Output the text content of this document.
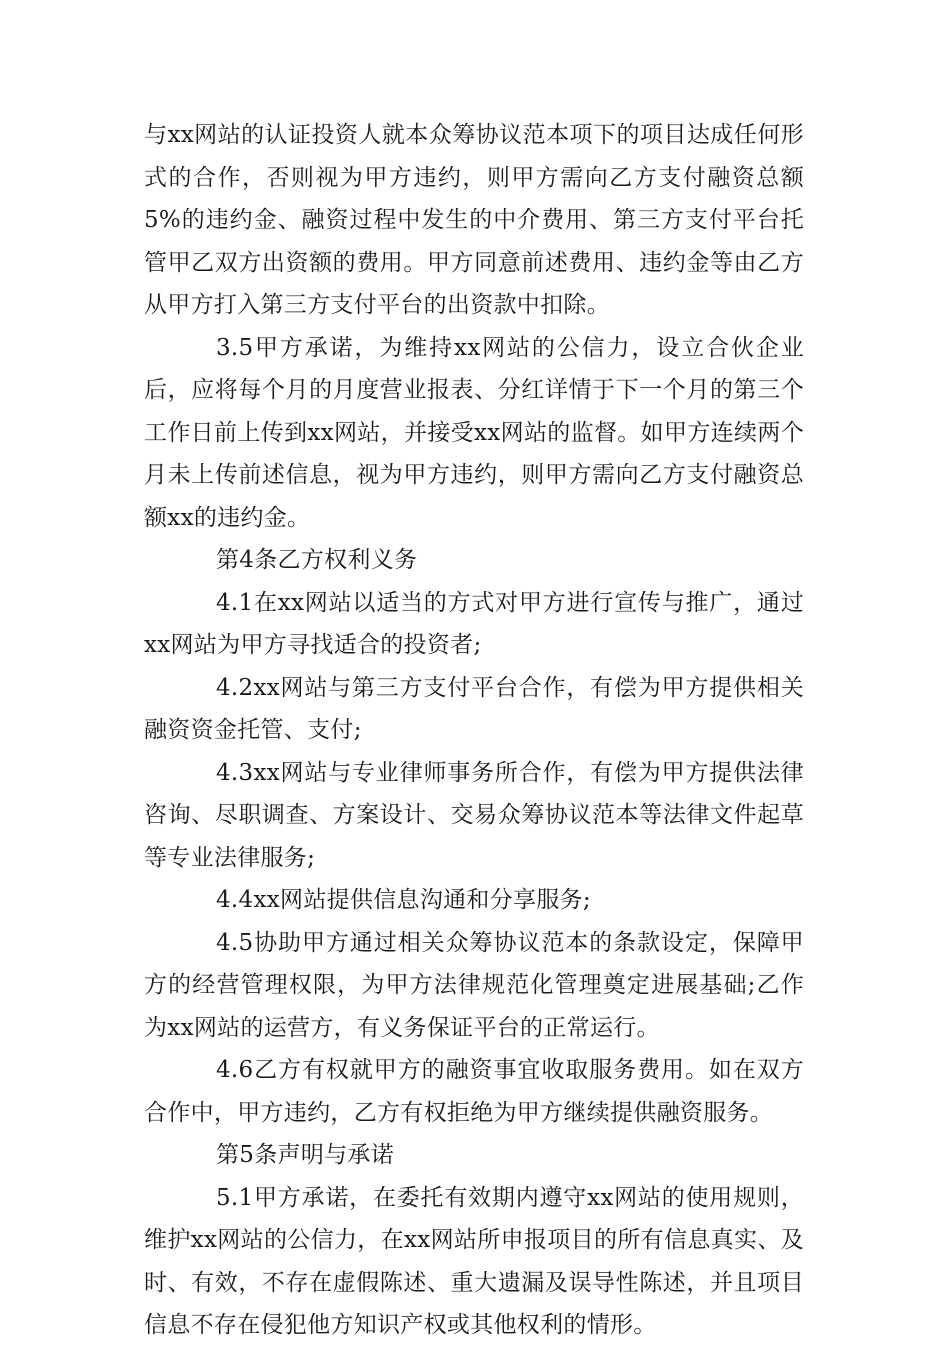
与xx网站的认证投资人就本众筹协议范本项下的项目达成任何形式的合作，否则视为甲方违约，则甲方需向乙方支付融资总额5%的违约金、融资过程中发生的中介费用、第三方支付平台托管甲乙双方出资额的费用。甲方同意前述费用、违约金等由乙方从甲方打入第三方支付平台的出资款中扣除。

3.5甲方承诺，为维持xx网站的公信力，设立合伙企业后，应将每个月的月度营业报表、分红详情于下一个月的第三个工作日前上传到xx网站，并接受xx网站的监督。如甲方连续两个月未上传前述信息，视为甲方违约，则甲方需向乙方支付融资总额xx的违约金。

第4条乙方权利义务

4.1在xx网站以适当的方式对甲方进行宣传与推广，通过xx网站为甲方寻找适合的投资者;

4.2xx网站与第三方支付平台合作，有偿为甲方提供相关融资资金托管、支付;

4.3xx网站与专业律师事务所合作，有偿为甲方提供法律咨询、尽职调查、方案设计、交易众筹协议范本等法律文件起草等专业法律服务;

4.4xx网站提供信息沟通和分享服务;

4.5协助甲方通过相关众筹协议范本的条款设定，保障甲方的经营管理权限，为甲方法律规范化管理奠定进展基础;乙作为xx网站的运营方，有义务保证平台的正常运行。

4.6乙方有权就甲方的融资事宜收取服务费用。如在双方合作中，甲方违约，乙方有权拒绝为甲方继续提供融资服务。

第5条声明与承诺

5.1甲方承诺，在委托有效期内遵守xx网站的使用规则，维护xx网站的公信力，在xx网站所申报项目的所有信息真实、及时、有效，不存在虚假陈述、重大遗漏及误导性陈述，并且项目信息不存在侵犯他方知识产权或其他权利的情形。
